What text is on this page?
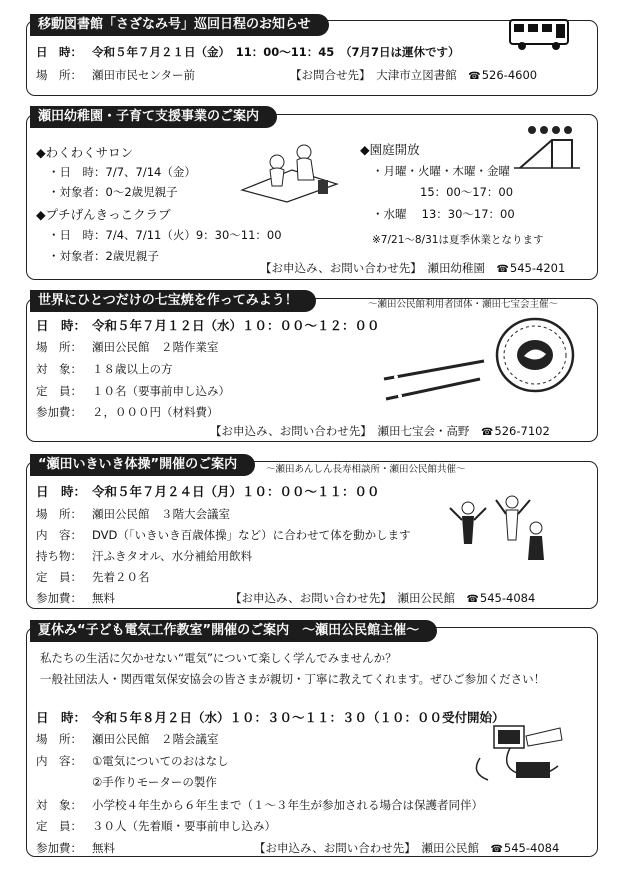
移動図書館「さざなみ号」巡回日程のお知らせ
日　時： 令和５年７月２１日（金）　11：00～11：45　（7月7日は運休です）
場　所： 瀬田市民センター前	【お問合せ先】　大津市立図書館　 ☎ 526-4600
瀬田幼稚園・子育て支援事業のご案内
◆わくわくサロン
・日　時：7/7、7/14（金）
・対象者：0～2歳児親子
◆プチげんきっこクラブ
・日　時：7/4、7/11（火）9：30～11：00
・対象者：2歳児親子
◆園庭開放
・月曜・火曜・木曜・金曜
15：00～17：00
・水曜　 13：30～17：00
※7/21～8/31は夏季休業となります
【お申込み、お問い合わせ先】　瀬田幼稚園　 ☎ 545-4201
世界にひとつだけの七宝焼を作ってみよう！	～瀬田公民館利用者団体・瀬田七宝会主催～
日　時： 令和５年７月１２日（水）１０：００～１２：００
場　所： 瀬田公民館　２階作業室
対　象： １８歳以上の方
定　員： １０名（要事前申し込み）
参加費： ２，０００円（材料費）
【お申込み、お問い合わせ先】　瀬田七宝会・高野　 ☎ 526-7102
“瀬田いきいき体操”開催のご案内	～瀬田あんしん長寿相談所・瀬田公民館共催～
日　時： 令和５年７月２４日（月）１０：００～１１：００
場　所： 瀬田公民館　３階大会議室
内　容： DVD（「いきいき百歳体操」など）に合わせて体を動かします
持ち物： 汗ふきタオル、水分補給用飲料
定　員： 先着２０名
参加費： 無料	【お申込み、お問い合わせ先】　瀬田公民館　 ☎ 545-4084
夏休み“子ども電気工作教室”開催のご案内　～瀬田公民館主催～
私たちの生活に欠かせない“電気”について楽しく学んでみませんか？
一般社団法人・関西電気保安協会の皆さまが親切・丁寧に教えてくれます。ぜひご参加ください！
日　時： 令和５年８月２日（水）１０：３０～１１：３０（１０：００受付開始）
場　所： 瀬田公民館　２階会議室
内　容： ①電気についてのおはなし
②手作りモーターの製作
対　象： 小学校４年生から６年生まで（１～３年生が参加される場合は保護者同伴）
定　員： ３０人（先着順・要事前申し込み）
参加費： 無料	【お申込み、お問い合わせ先】　瀬田公民館　 ☎ 545-4084
